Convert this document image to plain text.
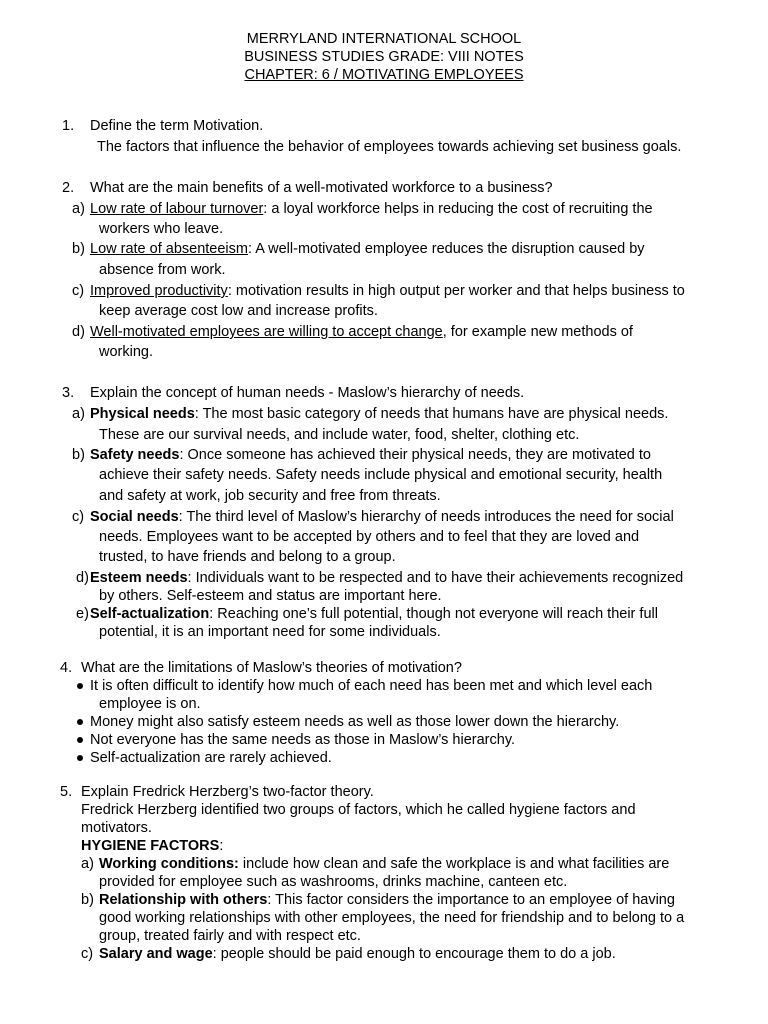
MERRYLAND INTERNATIONAL SCHOOL
BUSINESS STUDIES GRADE: VIII NOTES
CHAPTER: 6 / MOTIVATING EMPLOYEES
1. Define the term Motivation.
The factors that influence the behavior of employees towards achieving set business goals.
2. What are the main benefits of a well-motivated workforce to a business?
a) Low rate of labour turnover: a loyal workforce helps in reducing the cost of recruiting the
workers who leave.
b) Low rate of absenteeism: A well-motivated employee reduces the disruption caused by
absence from work.
c) Improved productivity: motivation results in high output per worker and that helps business to
keep average cost low and increase profits.
d) Well-motivated employees are willing to accept change, for example new methods of
working.
3. Explain the concept of human needs - Maslow’s hierarchy of needs.
a) Physical needs: The most basic category of needs that humans have are physical needs.
These are our survival needs, and include water, food, shelter, clothing etc.
b) Safety needs: Once someone has achieved their physical needs, they are motivated to
achieve their safety needs. Safety needs include physical and emotional security, health
and safety at work, job security and free from threats.
c) Social needs: The third level of Maslow’s hierarchy of needs introduces the need for social
needs. Employees want to be accepted by others and to feel that they are loved and
trusted, to have friends and belong to a group.
d) Esteem needs: Individuals want to be respected and to have their achievements recognized
by others. Self-esteem and status are important here.
e) Self-actualization: Reaching one’s full potential, though not everyone will reach their full
potential, it is an important need for some individuals.
4. What are the limitations of Maslow’s theories of motivation?
It is often difficult to identify how much of each need has been met and which level each
employee is on.
Money might also satisfy esteem needs as well as those lower down the hierarchy.
Not everyone has the same needs as those in Maslow’s hierarchy.
Self-actualization are rarely achieved.
5. Explain Fredrick Herzberg’s two-factor theory.
Fredrick Herzberg identified two groups of factors, which he called hygiene factors and
motivators.
HYGIENE FACTORS:
a) Working conditions: include how clean and safe the workplace is and what facilities are
provided for employee such as washrooms, drinks machine, canteen etc.
b) Relationship with others: This factor considers the importance to an employee of having
good working relationships with other employees, the need for friendship and to belong to a
group, treated fairly and with respect etc.
c) Salary and wage: people should be paid enough to encourage them to do a job.
